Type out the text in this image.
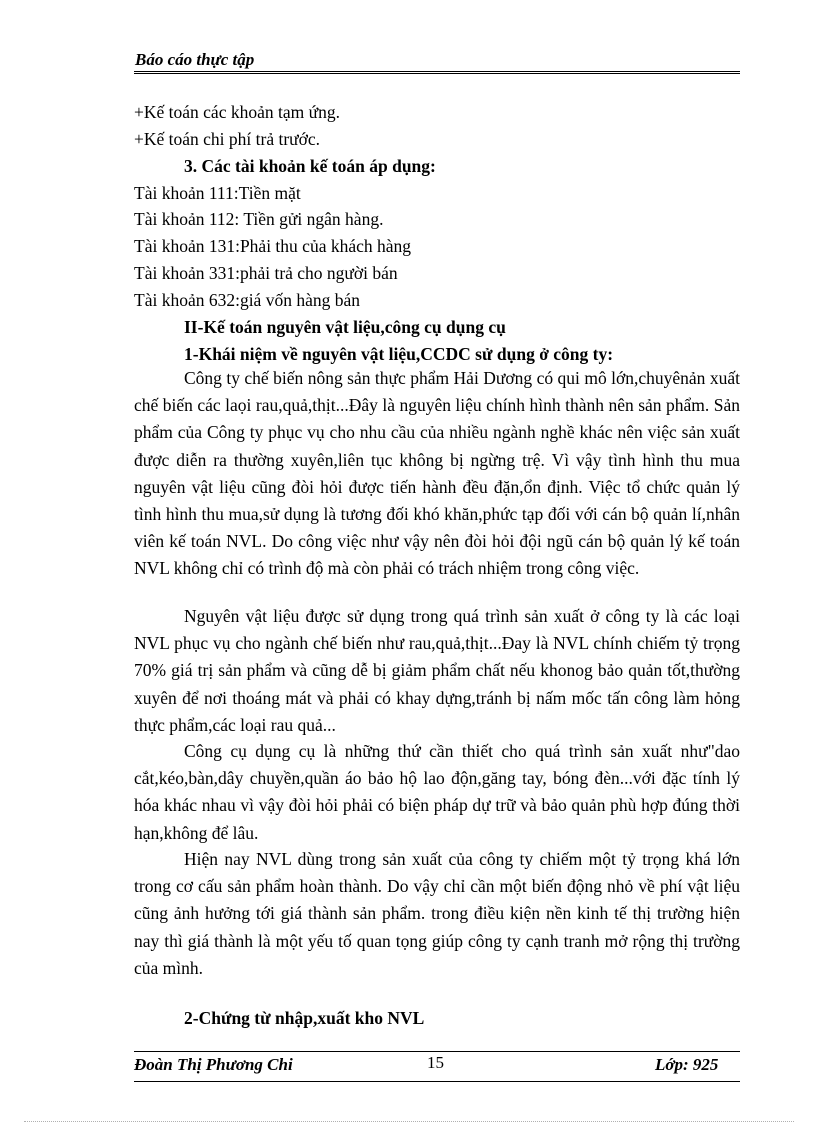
Báo cáo thực tập
+Kế toán các khoản tạm ứng.
+Kế toán chi phí trả trước.
3. Các tài khoản kế toán áp dụng:
Tài khoản 111:Tiền mặt
Tài khoản 112: Tiền gửi ngân hàng.
Tài khoản 131:Phải thu của khách hàng
Tài khoản 331:phải trả cho người bán
Tài khoản 632:giá vốn hàng bán
II-Kế toán nguyên vật liệu,công cụ dụng cụ
1-Khái niệm về nguyên vật liệu,CCDC sử dụng ở công ty:
Công ty chế biến nông sản thực phẩm Hải Dương có qui mô lớn,chuyênản xuất chế biến các laọi rau,quả,thịt...Đây là nguyên liệu chính hình thành nên sản phẩm. Sản phẩm của Công ty phục vụ cho nhu cầu của nhiều ngành nghề khác nên việc sản xuất được diễn ra thường xuyên,liên tục không bị ngừng trệ. Vì vậy tình hình thu mua nguyên vật liệu cũng đòi hỏi được tiến hành đều đặn,ổn định. Việc tổ chức quản lý tình hình thu mua,sử dụng là tương đối khó khăn,phức tạp đối với cán bộ quản lí,nhân viên kế toán NVL. Do công việc như vậy nên đòi hỏi đội ngũ cán bộ quản lý kế toán NVL không chỉ có trình độ mà còn phải có trách nhiệm trong công việc.
Nguyên vật liệu được sử dụng trong quá trình sản xuất ở công ty là các loại NVL phục vụ cho ngành chế biến như rau,quả,thịt...Đay là NVL chính chiếm tỷ trọng 70% giá trị sản phẩm và cũng dễ bị giảm phẩm chất nếu khonog bảo quản tốt,thường xuyên để nơi thoáng mát và phải có khay dựng,tránh bị nấm mốc tấn công làm hỏng thực phẩm,các loại rau quả...
Công cụ dụng cụ là những thứ cần thiết cho quá trình sản xuất như"dao cắt,kéo,bàn,dây chuyền,quần áo bảo hộ lao độn,găng tay, bóng đèn...với đặc tính lý hóa khác nhau vì vậy đòi hỏi phải có biện pháp dự trữ và bảo quản phù hợp đúng thời hạn,không để lâu.
Hiện nay NVL dùng trong sản xuất của công ty chiếm một tỷ trọng khá lớn trong cơ cấu sản phẩm hoàn thành. Do vậy chỉ cần một biến động nhỏ về phí vật liệu cũng ảnh hưởng tới giá thành sản phẩm. trong điều kiện nền kinh tế thị trường hiện nay thì giá thành là một yếu tố quan tọng giúp công ty cạnh tranh mở rộng thị trường của mình.
2-Chứng từ nhập,xuất kho NVL
Đoàn Thị Phương Chi	15	Lớp: 925
